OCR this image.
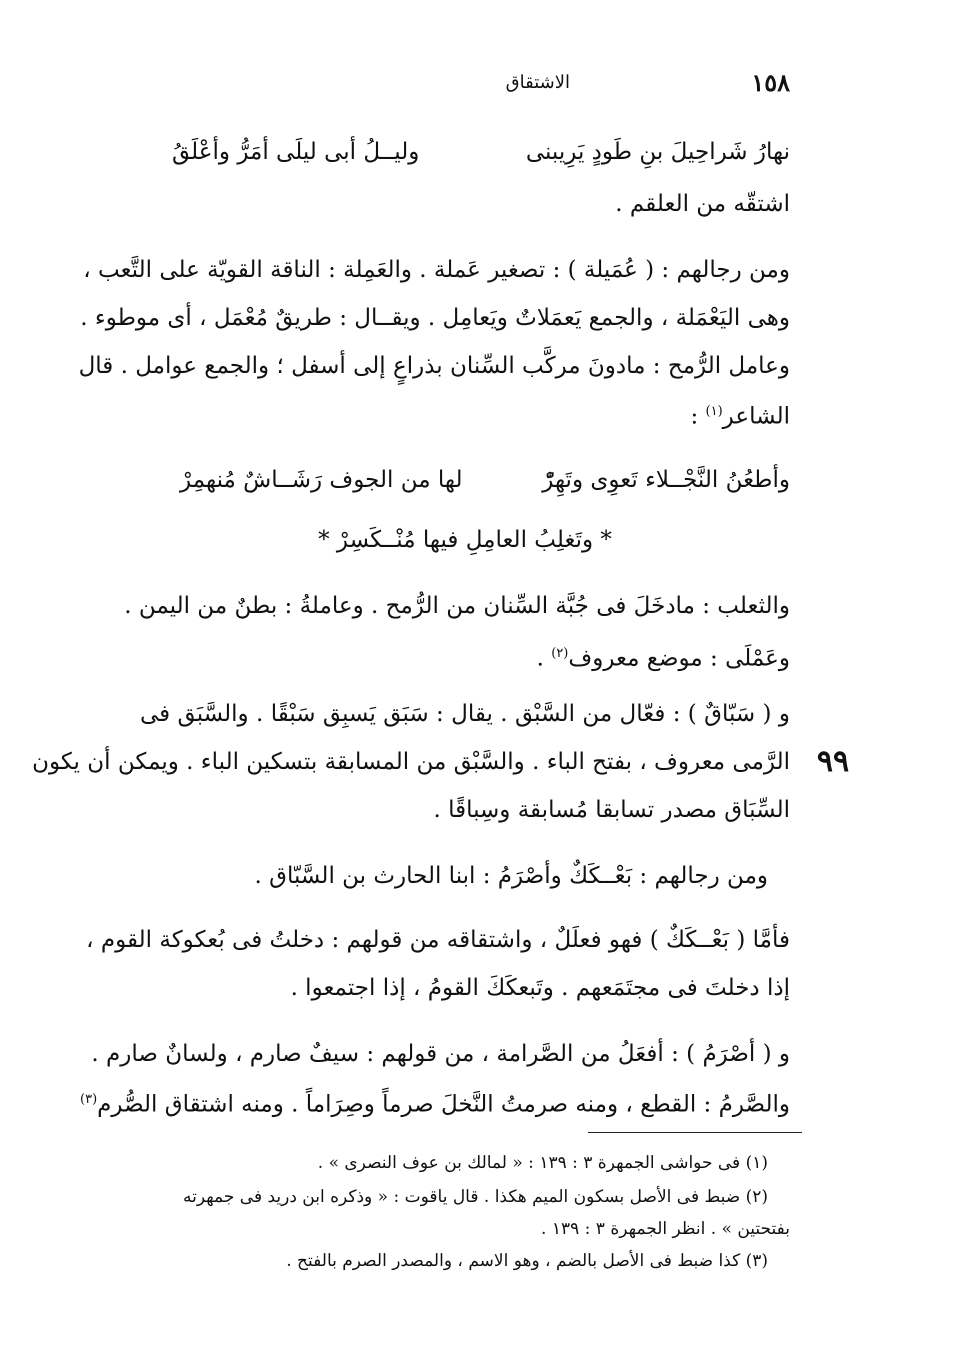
١٥٨
الاشتقاق
نهارُ شَراحِيلَ بنِ طَودٍ يَرِيبنى
وليــلُ أبى ليلَى أمَرُّ وأعْلَقُ
اشتقّه من العلقم .
ومن رجالهم : ( عُمَيلة ) : تصغير عَملة . والعَمِلة : الناقة القويّة على التَّعب ،
وهى اليَعْمَلة ، والجمع يَعمَلاتٌ ويَعامِل . ويقــال : طريقٌ مُعْمَل ، أى موطوء .
وعامل الرُّمح : مادونَ مركَّب السِّنان بذراعٍ إلى أسفل ؛ والجمع عوامل . قال
الشاعر$^{(١)}$ :
وأطعُنُ النَّجْــلاء تَعوِى وتَهِرّْ
لها من الجوف رَشَــاشٌ مُنهمِرْ
* وتَغلِبُ العامِلِ فيها مُنْــكَسِرْ *
والثعلب : مادخَلَ فى جُبَّة السِّنان من الرُّمح . وعاملةُ : بطنٌ من اليمن .
وعَمْلَى : موضع معروف$^{(٢)}$ .
و ( سَبّاقٌ ) : فعّال من السَّبْق . يقال : سَبَق يَسبِق سَبْقًا . والسَّبَق فى
الرَّمى معروف ، بفتح الباء . والسَّبْق من المسابقة بتسكين الباء . ويمكن أن يكون
السِّبَاق مصدر تسابقا مُسابقة وسِباقًا .
٩٩
ومن رجالهم : بَعْــكَكٌ وأصْرَمُ : ابنا الحارث بن السَّبّاق .
فأمَّا ( بَعْــكَكٌ ) فهو فعلَلٌ ، واشتقاقه من قولهم : دخلتُ فى بُعكوكة القوم ،
إذا دخلتَ فى مجتَمَعهم . وتَبعكَكَ القومُ ، إذا اجتمعوا .
و ( أصْرَمُ ) : أفعَلُ من الصَّرامة ، من قولهم : سيفٌ صارم ، ولسانٌ صارم .
والصَّرمُ : القطع ، ومنه صرمتُ النَّخلَ صرماً وصِرَاماً . ومنه اشتقاق الصُّرم$^{(٣)}$
(١) فى حواشى الجمهرة ٣ : ١٣٩ : « لمالك بن عوف النصرى » .
(٢) ضبط فى الأصل بسكون الميم هكذا . قال ياقوت : « وذكره ابن دريد فى جمهرته
بفتحتين » . انظر الجمهرة ٣ : ١٣٩ .
(٣) كذا ضبط فى الأصل بالضم ، وهو الاسم ، والمصدر الصرم بالفتح .
